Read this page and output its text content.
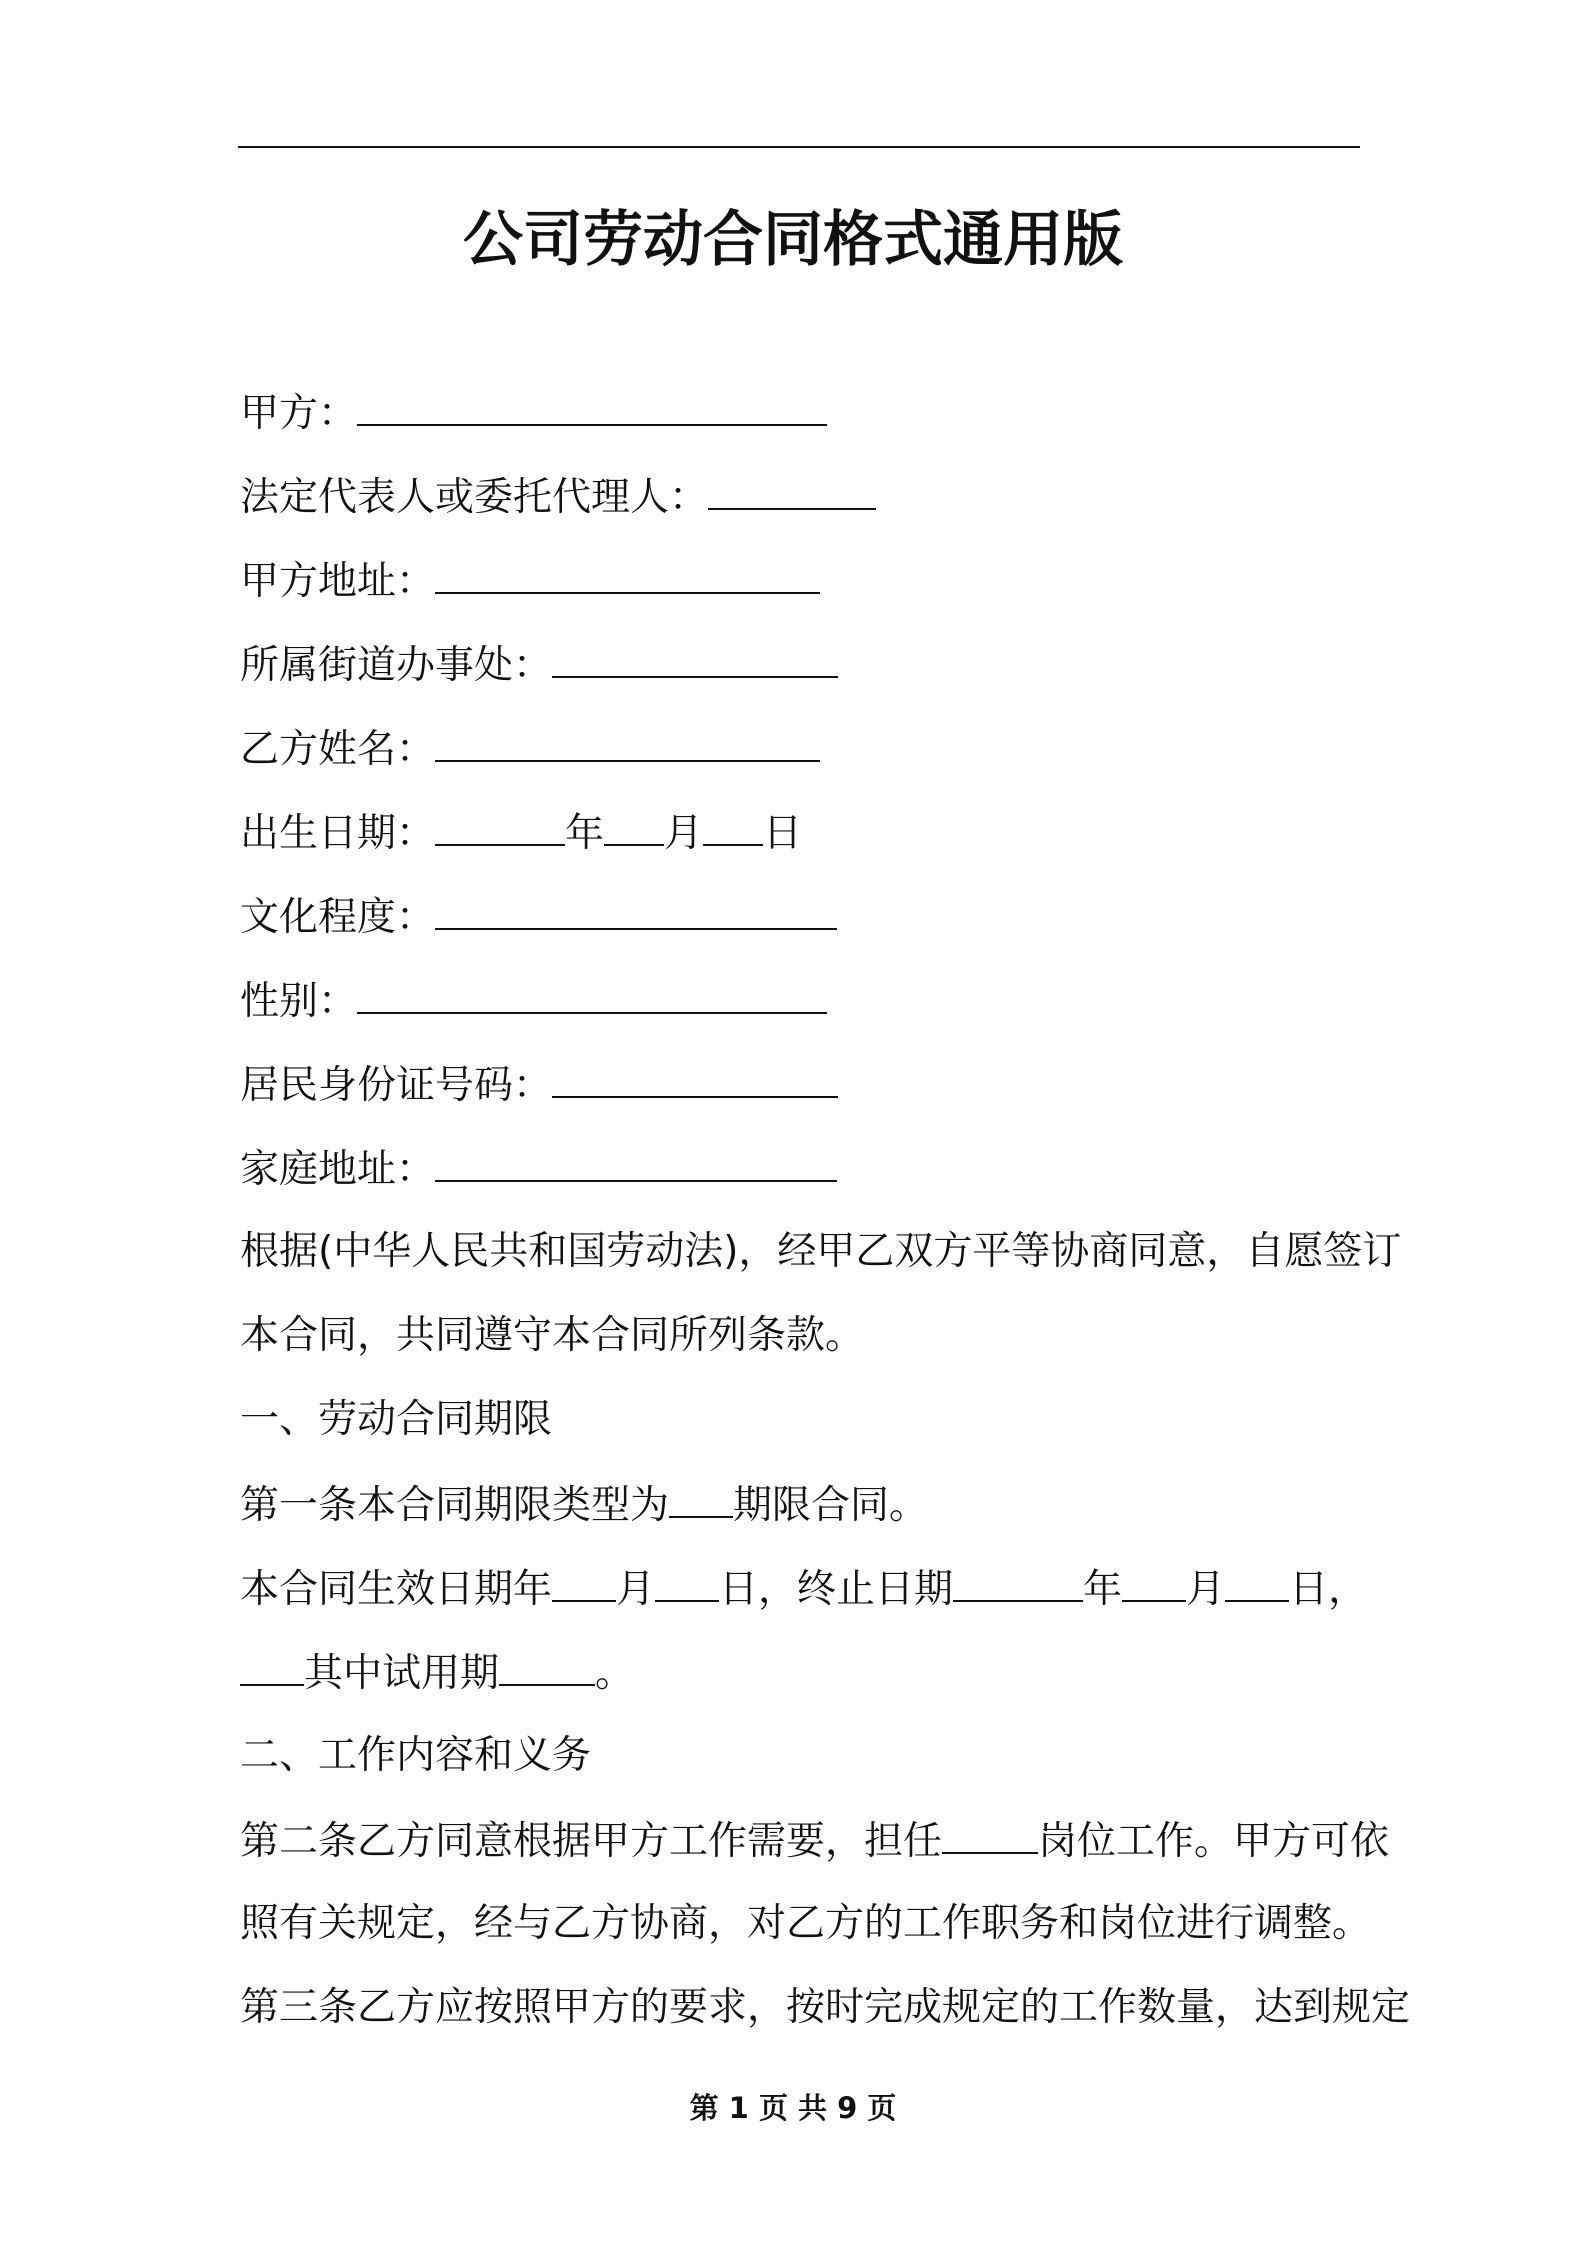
公司劳动合同格式通用版
甲方：
法定代表人或委托代理人：
甲方地址：
所属街道办事处：
乙方姓名：
出生日期：	年 月 日
文化程度：
性别：
居民身份证号码：
家庭地址：
根据(中华人民共和国劳动法)，经甲乙双方平等协商同意，自愿签订
本合同，共同遵守本合同所列条款。
一、劳动合同期限
第一条本合同期限类型为 期限合同。
本合同生效日期年 月 日，终止日期	年 月 日，
其中试用期 。
二、工作内容和义务
第二条乙方同意根据甲方工作需要，担任 岗位工作。甲方可依
照有关规定，经与乙方协商，对乙方的工作职务和岗位进行调整。
第三条乙方应按照甲方的要求，按时完成规定的工作数量，达到规定
第 1 页 共 9 页
